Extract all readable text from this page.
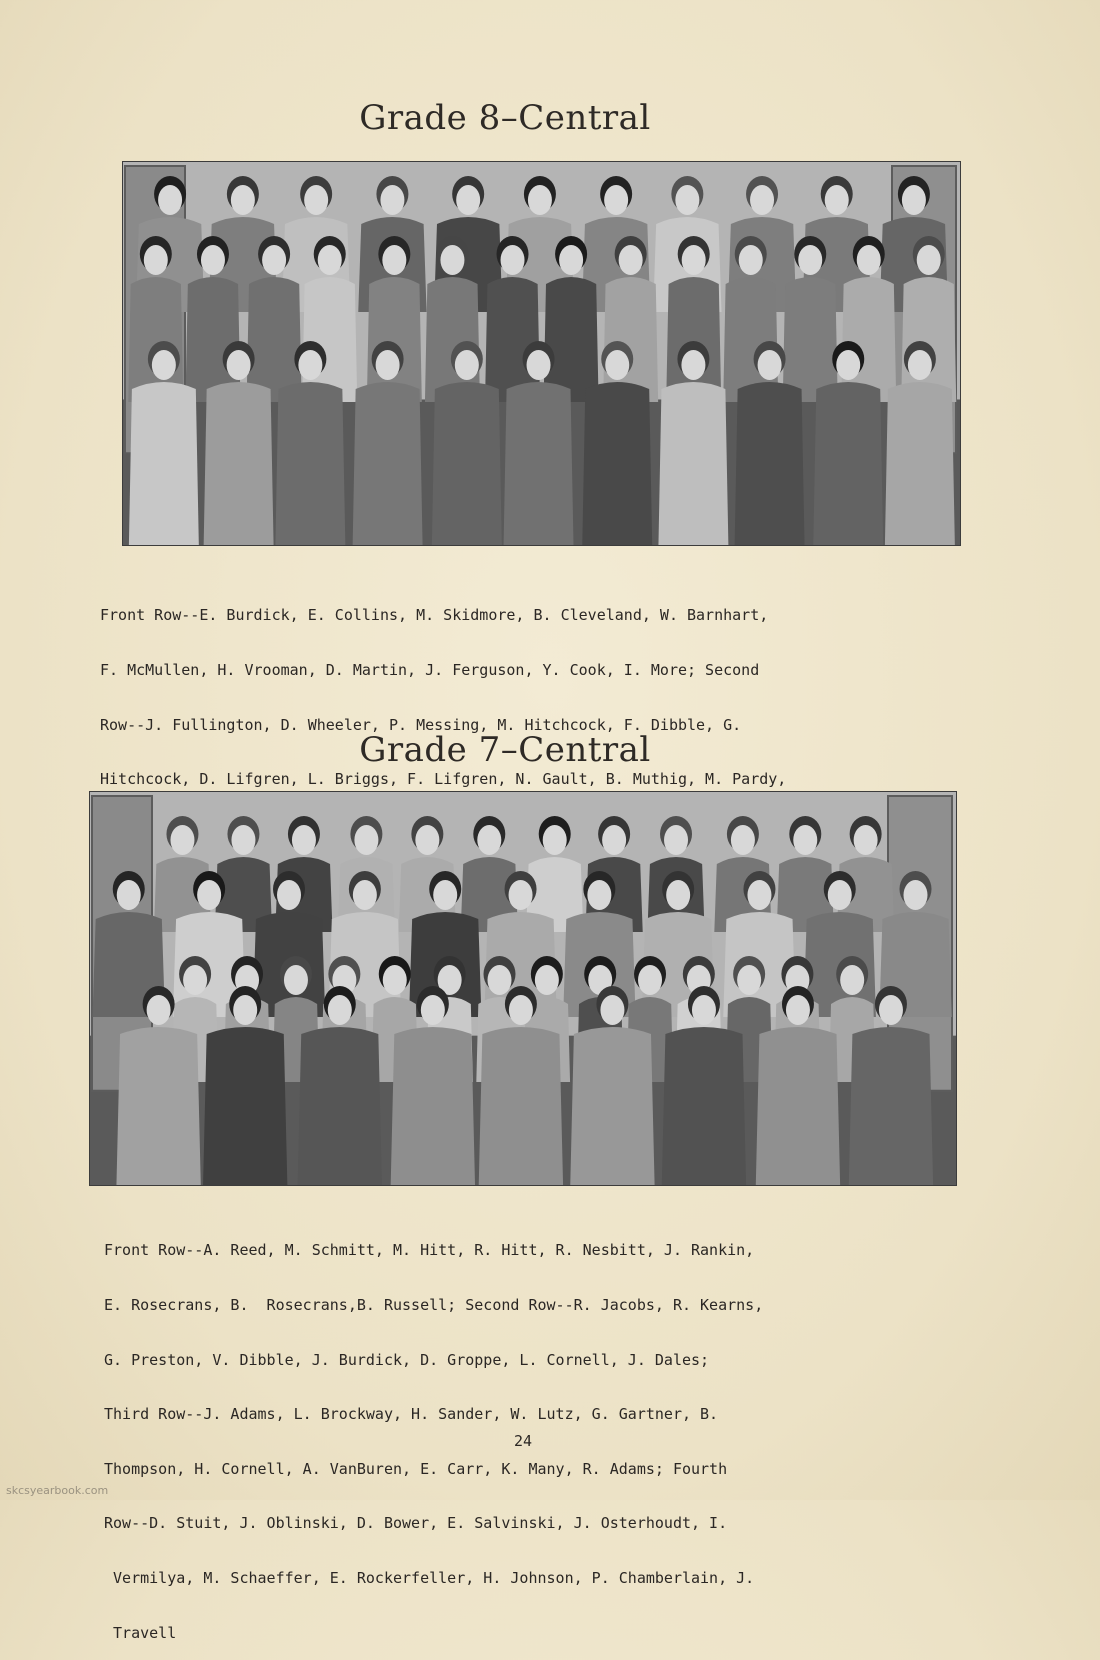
Grade 8–Central

Front Row--E. Burdick, E. Collins, M. Skidmore, B. Cleveland, W. Barnhart,

F. McMullen, H. Vrooman, D. Martin, J. Ferguson, Y. Cook, I. More; Second

Row--J. Fullington, D. Wheeler, P. Messing, M. Hitchcock, F. Dibble, G.

Hitchcock, D. Lifgren, L. Briggs, F. Lifgren, N. Gault, B. Muthig, M. Pardy,

Grade 7–Central

Front Row--A. Reed, M. Schmitt, M. Hitt, R. Hitt, R. Nesbitt, J. Rankin,

E. Rosecrans, B.  Rosecrans,B. Russell; Second Row--R. Jacobs, R. Kearns,

G. Preston, V. Dibble, J. Burdick, D. Groppe, L. Cornell, J. Dales;

Third Row--J. Adams, L. Brockway, H. Sander, W. Lutz, G. Gartner, B.

Thompson, H. Cornell, A. VanBuren, E. Carr, K. Many, R. Adams; Fourth

Row--D. Stuit, J. Oblinski, D. Bower, E. Salvinski, J. Osterhoudt, I.

Vermilya, M. Schaeffer, E. Rockerfeller, H. Johnson, P. Chamberlain, J.

Travell

24
skcsyearbook.com
